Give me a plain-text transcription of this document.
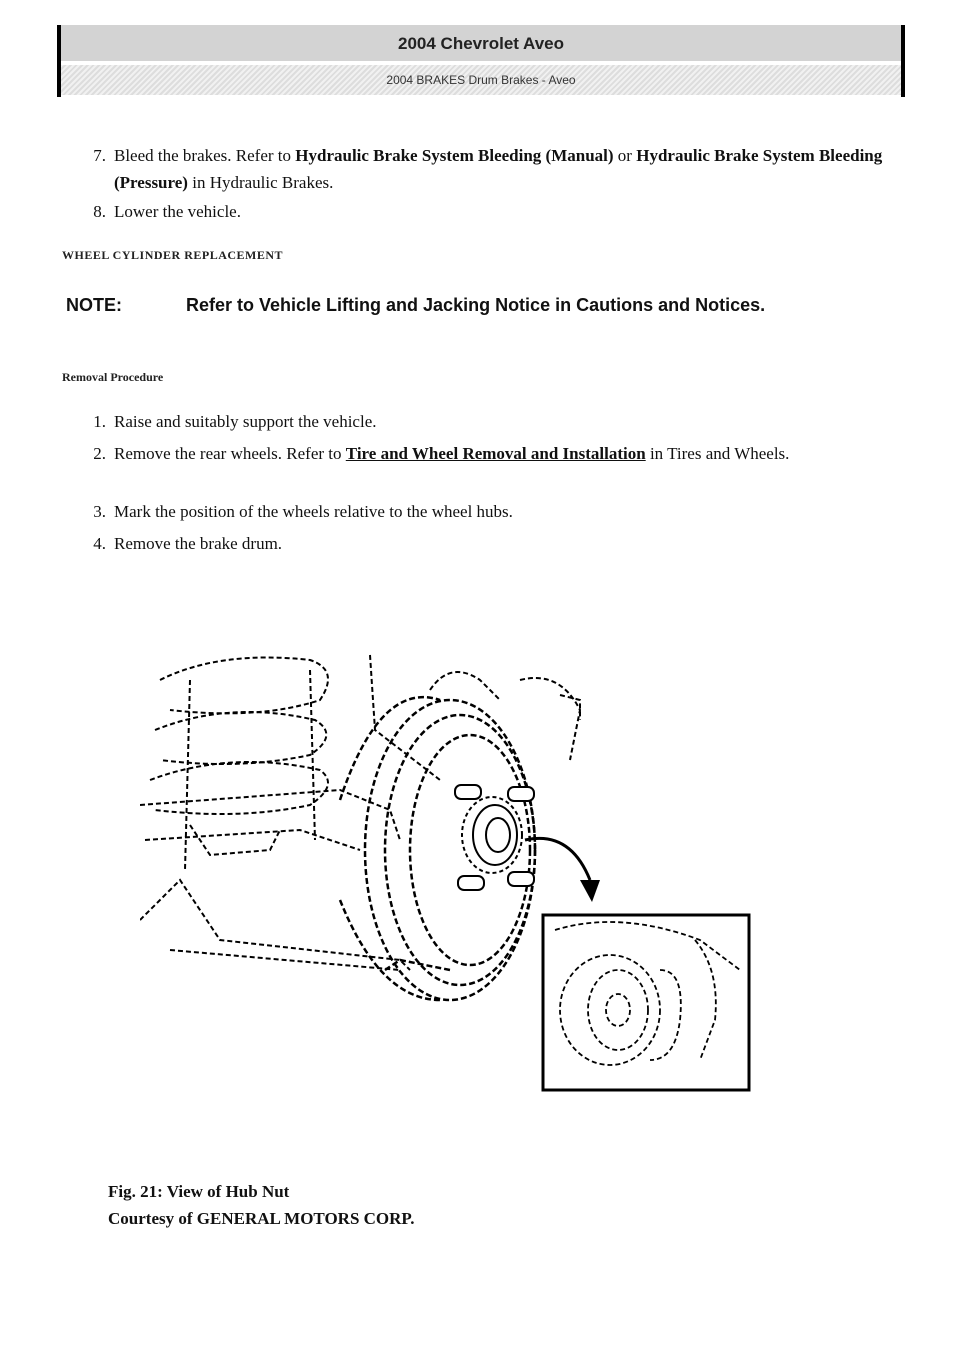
2004 Chevrolet Aveo
2004 BRAKES Drum Brakes - Aveo
7. Bleed the brakes. Refer to Hydraulic Brake System Bleeding (Manual) or Hydraulic Brake System Bleeding (Pressure) in Hydraulic Brakes.
8. Lower the vehicle.
WHEEL CYLINDER REPLACEMENT
NOTE:	Refer to Vehicle Lifting and Jacking Notice in Cautions and Notices.
Removal Procedure
1. Raise and suitably support the vehicle.
2. Remove the rear wheels. Refer to Tire and Wheel Removal and Installation in Tires and Wheels.
3. Mark the position of the wheels relative to the wheel hubs.
4. Remove the brake drum.
Fig. 21: View of Hub Nut
Courtesy of GENERAL MOTORS CORP.
